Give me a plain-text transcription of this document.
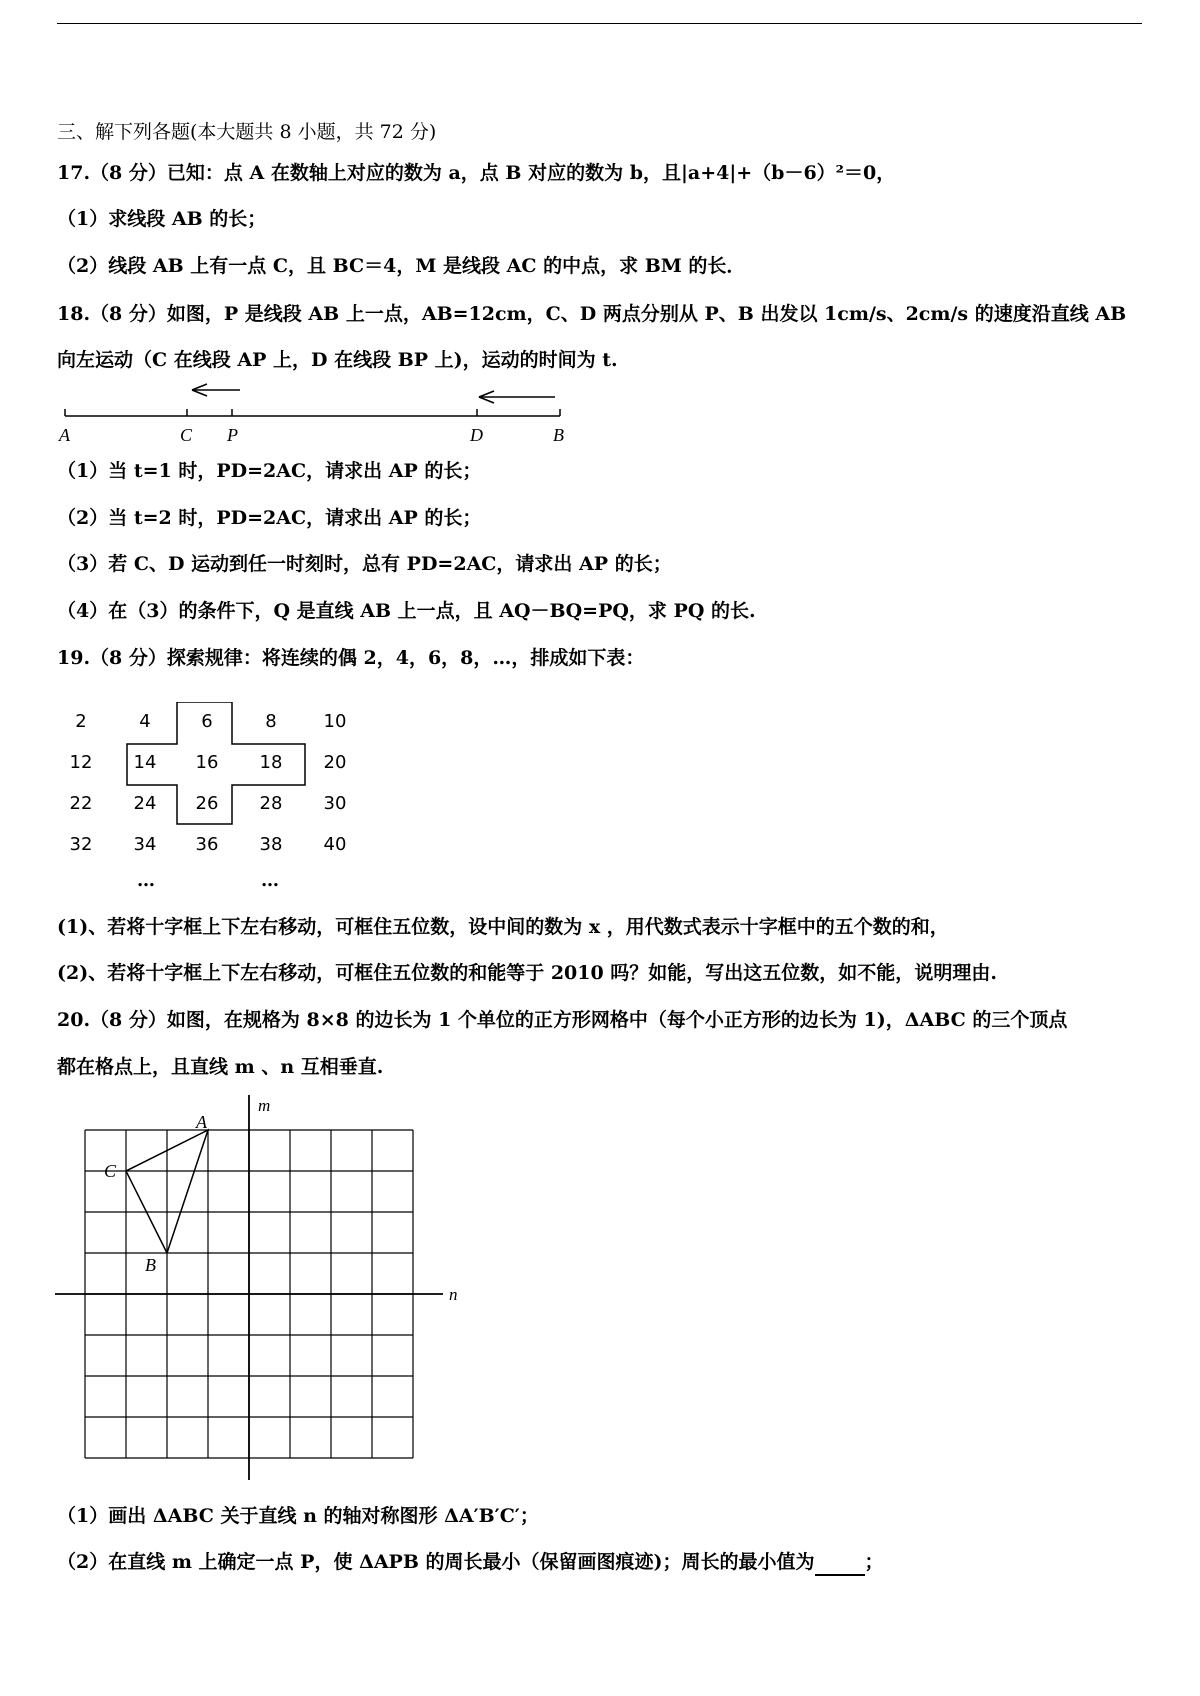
三、解下列各题(本大题共 8 小题，共 72 分)
17.（8 分）已知：点 A 在数轴上对应的数为 a，点 B 对应的数为 b，且|a+4|+（b－6）²＝0，
（1）求线段 AB 的长；
（2）线段 AB 上有一点 C，且 BC＝4，M 是线段 AC 的中点，求 BM 的长．
18.（8 分）如图，P 是线段 AB 上一点，AB=12cm，C、D 两点分别从 P、B 出发以 1cm/s、2cm/s 的速度沿直线 AB
向左运动（C 在线段 AP 上，D 在线段 BP 上)，运动的时间为 t.
A	C P	D	B
（1）当 t=1 时，PD=2AC，请求出 AP 的长；
（2）当 t=2 时，PD=2AC，请求出 AP 的长；
（3）若 C、D 运动到任一时刻时，总有 PD=2AC，请求出 AP 的长；
（4）在（3）的条件下，Q 是直线 AB 上一点，且 AQ－BQ=PQ，求 PQ 的长.
19.（8 分）探索规律：将连续的偶 2，4，6，8，…，排成如下表：
2	4	6	8	10
12	14	16	18	20
22	24	26	28	30
32	34	36	38	40
…	…
(1)、若将十字框上下左右移动，可框住五位数，设中间的数为 x ，用代数式表示十字框中的五个数的和，
(2)、若将十字框上下左右移动，可框住五位数的和能等于 2010 吗？如能，写出这五位数，如不能，说明理由.
20.（8 分）如图，在规格为 8×8 的边长为 1 个单位的正方形网格中（每个小正方形的边长为 1)，ΔABC 的三个顶点
都在格点上，且直线 m 、n 互相垂直.
A
C
B
m
n
（1）画出 ΔABC 关于直线 n 的轴对称图形 ΔA′B′C′；
（2）在直线 m 上确定一点 P，使 ΔAPB 的周长最小（保留画图痕迹)；周长的最小值为	；
